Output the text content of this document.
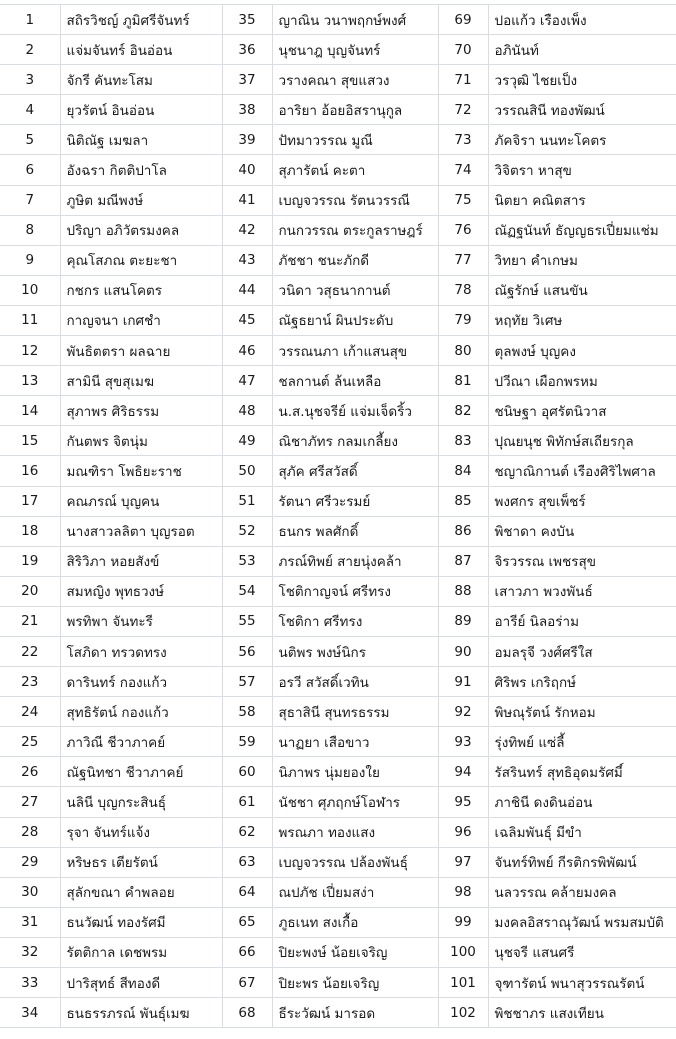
1	สถิรวิชญ์ ภูมิศรีจันทร์	35	ญาณิน วนาพฤกษ์พงศ์	69	ปอแก้ว เรืองเพ็ง
2	แจ่มจันทร์ อินอ่อน	36	นุชนาฎ บุญจันทร์	70	อภินันท์
3	จักรี คันทะโสม	37	วรางคณา สุขแสวง	71	วรวุฒิ ไชยเป็ง
4	ยุวรัตน์ อินอ่อน	38	อาริยา อ้อยอิสรานุกูล	72	วรรณสินี ทองพัฒน์
5	นิติณัฐ เมฆลา	39	ปัทมาวรรณ มูณี	73	ภัคจิรา นนทะโคตร
6	อังฉรา กิตติปาโล	40	สุภารัตน์ คะตา	74	วิจิตรา หาสุข
7	ภูษิต มณีพงษ์	41	เบญจวรรณ รัตนวรรณี	75	นิตยา คณิตสาร
8	ปริญา อภิวัตรมงคล	42	กนกวรรณ ตระกูลราษฎร์	76	ณัฏฐนันท์ ธัญญธรเปี่ยมแช่ม
9	คุณโสภณ ตะยะชา	43	ภัชชา ชนะภักดี	77	วิทยา คำเกษม
10	กชกร แสนโคตร	44	วนิดา วสุธนากานต์	78	ณัฐรักษ์ แสนขัน
11	กาญจนา เกศชำ	45	ณัฐธยาน์ ผินประดับ	79	หฤทัย วิเศษ
12	พันธิตตรา ผลฉาย	46	วรรณนภา เก้าแสนสุข	80	ตุลพงษ์ บุญคง
13	สามินี สุขสุเมฆ	47	ชลกานต์ ล้นเหลือ	81	ปวีณา เผือกพรหม
14	สุภาพร ศิริธรรม	48	น.ส.นุชจรีย์ แจ่มเจ็ดริ้ว	82	ชนิษฐา อุศรัตนิวาส
15	กันตพร จิตนุ่ม	49	ณิชาภัทร กลมเกลี้ยง	83	ปุณยนุช พิทักษ์สเถียรกุล
16	มณฑิรา โพธิยะราช	50	สุภัค ศรีสวัสดิ์	84	ชญาณิกานต์ เรืองศิริไพศาล
17	คณภรณ์ บุญคน	51	รัตนา ศรีวะรมย์	85	พงศกร สุขเพ็ชร์
18	นางสาวลลิตา บุญรอต	52	ธนกร พลศักดิ์	86	พิชาดา คงบัน
19	สิริวิภา หอยสังข์	53	ภรณ์ทิพย์ สายนุ่งคล้า	87	จิรวรรณ เพชรสุข
20	สมหญิง พุทธวงษ์	54	โชติกาญจน์ ศรีทรง	88	เสาวภา พวงพันธ์
21	พรทิพา จันทะรี	55	โชติกา ศรีทรง	89	อารีย์ นิลอร่าม
22	โสภิดา ทรวดทรง	56	นติพร พงษ์นิกร	90	อมลรุจี วงศ์ศรีใส
23	ดารินทร์ กองแก้ว	57	อรวี สวัสดิ์เวทิน	91	ศิริพร เกริฤกษ์
24	สุทธิรัตน์ กองแก้ว	58	สุธาสินี สุนทรธรรม	92	พิษณุรัตน์ รักหอม
25	ภาวิณี ชีวาภาคย์	59	นาฏยา เสือขาว	93	รุ่งทิพย์ แซ่ลี้
26	ณัฐนิทชา ชีวาภาคย์	60	นิภาพร นุ่มยองใย	94	รัสรินทร์ สุทธิอุดมรัศมี์
27	นลินี บุญกระสินธุ์	61	นัชชา ศุภฤกษ์โอฬาร	95	ภาชินี ดงดินอ่อน
28	รุจา จันทร์แจ้ง	62	พรณภา ทองแสง	96	เฉลิมพันธุ์ มีขำ
29	หริษธร เตียรัตน์	63	เบญจวรรณ ปล้องพันธุ์	97	จันทร์ทิพย์ กีรติกรพิพัฒน์
30	สุลักขณา คำพลอย	64	ณปภัช เปี่ยมสง่า	98	นลวรรณ คล้ายมงคล
31	ธนวัฒน์ ทองรัศมี	65	ภูธเนท สงเกื้อ	99	มงคลอิสราณุวัฒน์ พรมสมบัติ
32	รัตติกาล เดชพรม	66	ปิยะพงษ์ น้อยเจริญ	100	นุชจรี แสนศรี
33	ปาริสุทธ์ สีทองดี	67	ปิยะพร น้อยเจริญ	101	จุฑารัตน์ พนาสุวรรณรัตน์
34	ธนธรรภรณ์ พันธุ์เมฆ	68	ธีระวัฒน์ มารอด	102	พิชชาภร แสงเทียน
